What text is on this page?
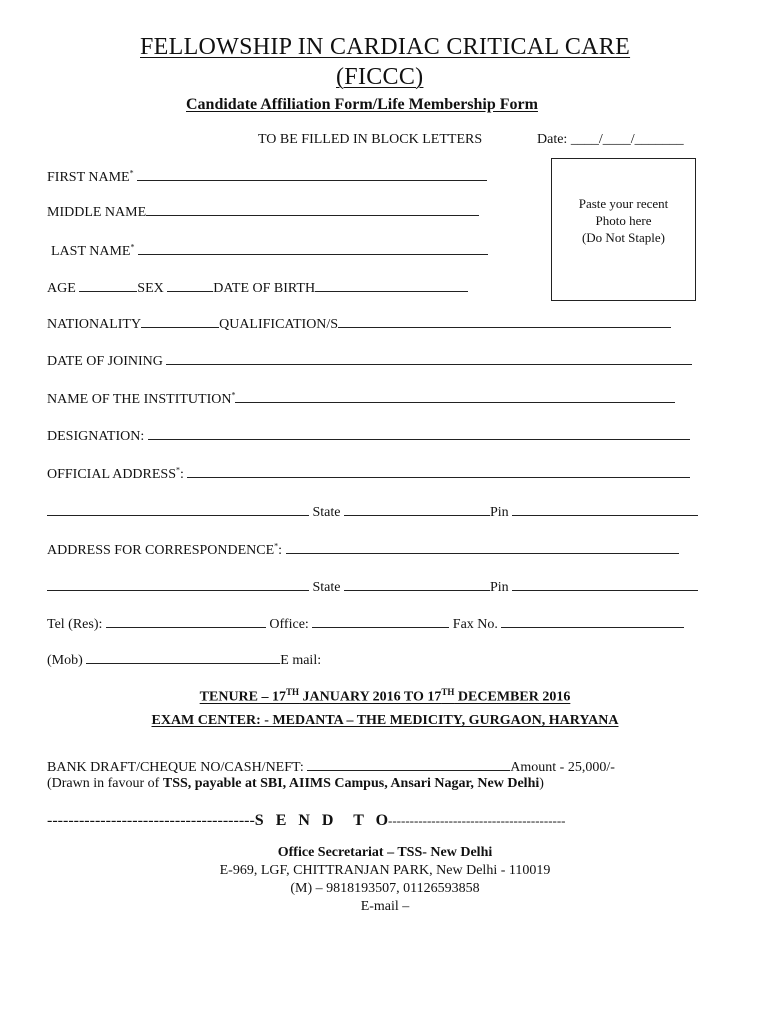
FELLOWSHIP IN CARDIAC CRITICAL CARE
(FICCC)
Candidate Affiliation Form/Life Membership Form
TO BE FILLED IN BLOCK LETTERS	Date: ____/____/_______
Paste your recent
Photo here
(Do Not Staple)
FIRST NAME*
MIDDLE NAME
LAST NAME*
AGE	SEX	DATE OF BIRTH
NATIONALITY	QUALIFICATION/S
DATE OF JOINING
NAME OF THE INSTITUTION*
DESIGNATION:
OFFICIAL ADDRESS*:
State	Pin
ADDRESS FOR CORRESPONDENCE*:
State	Pin
Tel (Res):	Office:	Fax No.
(Mob)	E mail:
TENURE – 17TH JANUARY 2016 TO 17TH DECEMBER 2016
EXAM CENTER: - MEDANTA – THE MEDICITY, GURGAON, HARYANA
BANK DRAFT/CHEQUE NO/CASH/NEFT:	Amount - 25,000/-
(Drawn in favour of TSS, payable at SBI, AIIMS Campus, Ansari Nagar, New Delhi)
---------------------------------------S   E   N   D     T   O-----------------------------------------
Office Secretariat – TSS- New Delhi
E-969, LGF, CHITTRANJAN PARK, New Delhi - 110019
(M) – 9818193507, 01126593858
E-mail –
